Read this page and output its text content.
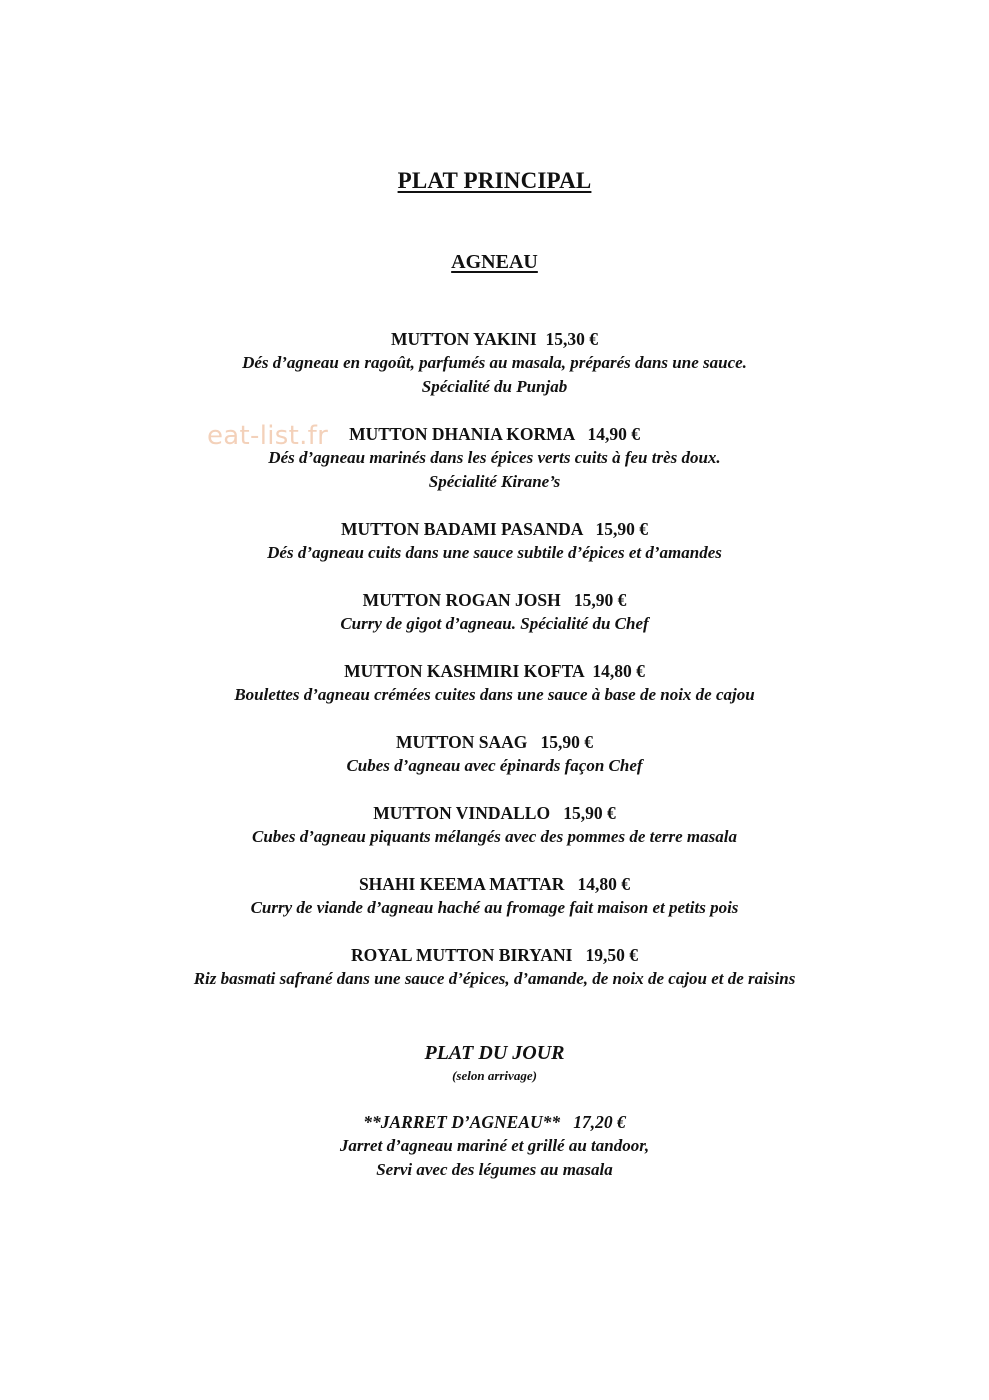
PLAT PRINCIPAL
AGNEAU
MUTTON YAKINI 15,30 €
Dés d’agneau en ragoût, parfumés au masala, préparés dans une sauce.
Spécialité du Punjab
MUTTON DHANIA KORMA 14,90 €
Dés d’agneau marinés dans les épices verts cuits à feu très doux.
Spécialité Kirane’s
MUTTON BADAMI PASANDA 15,90 €
Dés d’agneau cuits dans une sauce subtile d’épices et d’amandes
MUTTON ROGAN JOSH 15,90 €
Curry de gigot d’agneau. Spécialité du Chef
MUTTON KASHMIRI KOFTA 14,80 €
Boulettes d’agneau crémées cuites dans une sauce à base de noix de cajou
MUTTON SAAG 15,90 €
Cubes d’agneau avec épinards façon Chef
MUTTON VINDALLO 15,90 €
Cubes d’agneau piquants mélangés avec des pommes de terre masala
SHAHI KEEMA MATTAR 14,80 €
Curry de viande d’agneau haché au fromage fait maison et petits pois
ROYAL MUTTON BIRYANI 19,50 €
Riz basmati safrané dans une sauce d’épices, d’amande, de noix de cajou et de raisins
PLAT DU JOUR
(selon arrivage)
**JARRET D’AGNEAU** 17,20 €
Jarret d’agneau mariné et grillé au tandoor,
Servi avec des légumes au masala
eat-list.fr
